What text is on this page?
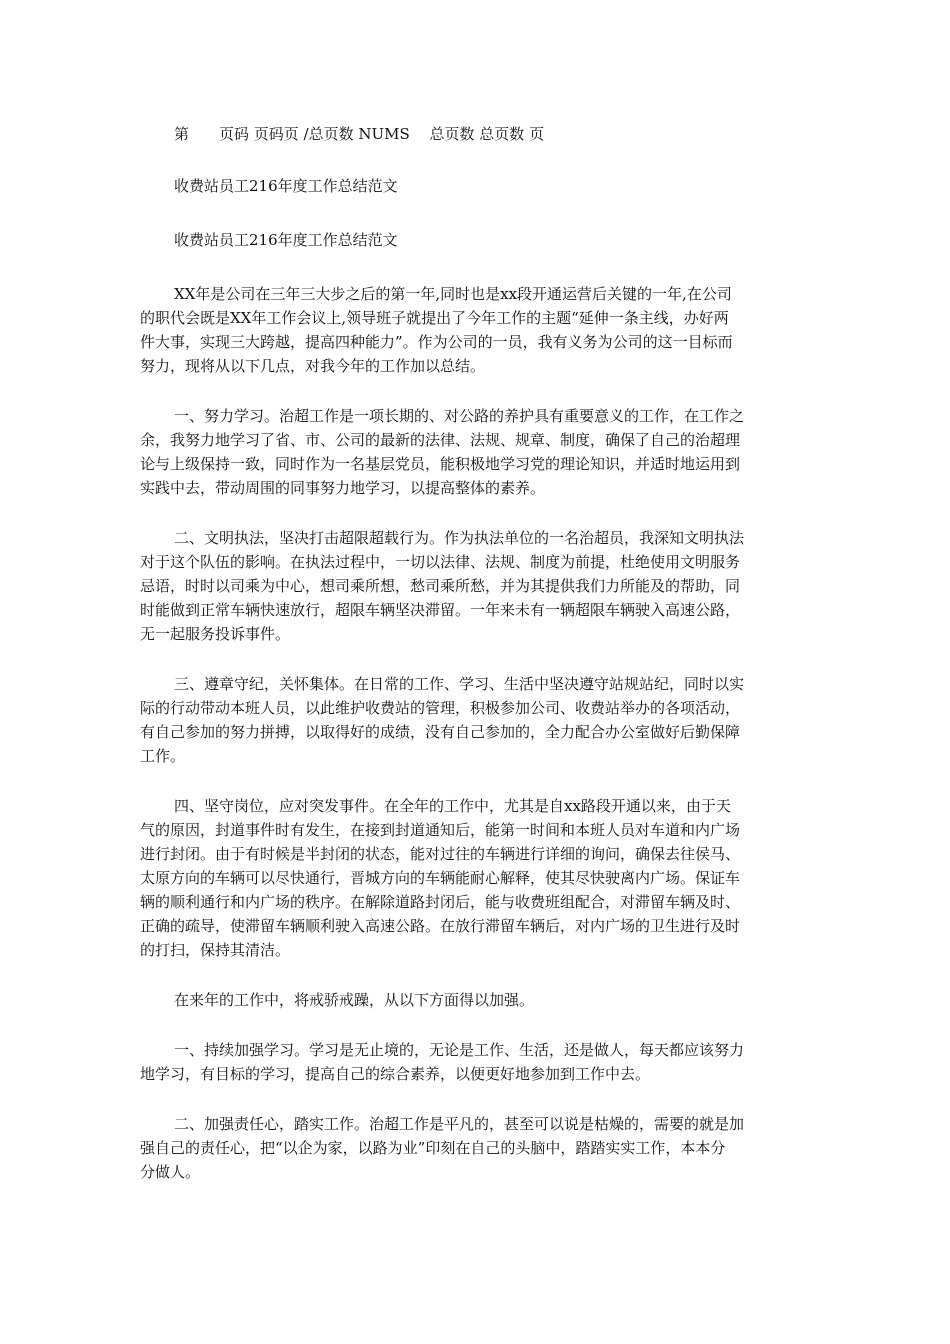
第　　页码 页码页 /总页数 NUMS　 总页数 总页数 页

收费站员工216年度工作总结范文

收费站员工216年度工作总结范文

XX年是公司在三年三大步之后的第一年,同时也是xx段开通运营后关键的一年,在公司

的职代会既是XX年工作会议上,领导班子就提出了今年工作的主题“延伸一条主线，办好两

件大事，实现三大跨越，提高四种能力”。作为公司的一员，我有义务为公司的这一目标而

努力，现将从以下几点，对我今年的工作加以总结。

一、努力学习。治超工作是一项长期的、对公路的养护具有重要意义的工作，在工作之

余，我努力地学习了省、市、公司的最新的法律、法规、规章、制度，确保了自己的治超理

论与上级保持一致，同时作为一名基层党员，能积极地学习党的理论知识，并适时地运用到

实践中去，带动周围的同事努力地学习，以提高整体的素养。

二、文明执法，坚决打击超限超载行为。作为执法单位的一名治超员，我深知文明执法

对于这个队伍的影响。在执法过程中，一切以法律、法规、制度为前提，杜绝使用文明服务

忌语，时时以司乘为中心，想司乘所想，愁司乘所愁，并为其提供我们力所能及的帮助，同

时能做到正常车辆快速放行，超限车辆坚决滞留。一年来未有一辆超限车辆驶入高速公路，

无一起服务投诉事件。

三、遵章守纪，关怀集体。在日常的工作、学习、生活中坚决遵守站规站纪，同时以实

际的行动带动本班人员，以此维护收费站的管理，积极参加公司、收费站举办的各项活动，

有自己参加的努力拼搏，以取得好的成绩，没有自己参加的，全力配合办公室做好后勤保障

工作。

四、坚守岗位，应对突发事件。在全年的工作中，尤其是自xx路段开通以来，由于天

气的原因，封道事件时有发生，在接到封道通知后，能第一时间和本班人员对车道和内广场

进行封闭。由于有时候是半封闭的状态，能对过往的车辆进行详细的询问，确保去往侯马、

太原方向的车辆可以尽快通行，晋城方向的车辆能耐心解释，使其尽快驶离内广场。保证车

辆的顺利通行和内广场的秩序。在解除道路封闭后，能与收费班组配合，对滞留车辆及时、

正确的疏导，使滞留车辆顺利驶入高速公路。在放行滞留车辆后，对内广场的卫生进行及时

的打扫，保持其清洁。

在来年的工作中，将戒骄戒躁，从以下方面得以加强。

一、持续加强学习。学习是无止境的，无论是工作、生活，还是做人，每天都应该努力

地学习，有目标的学习，提高自己的综合素养，以便更好地参加到工作中去。

二、加强责任心，踏实工作。治超工作是平凡的，甚至可以说是枯燥的，需要的就是加

强自己的责任心，把“以企为家，以路为业”印刻在自己的头脑中，踏踏实实工作，本本分

分做人。
